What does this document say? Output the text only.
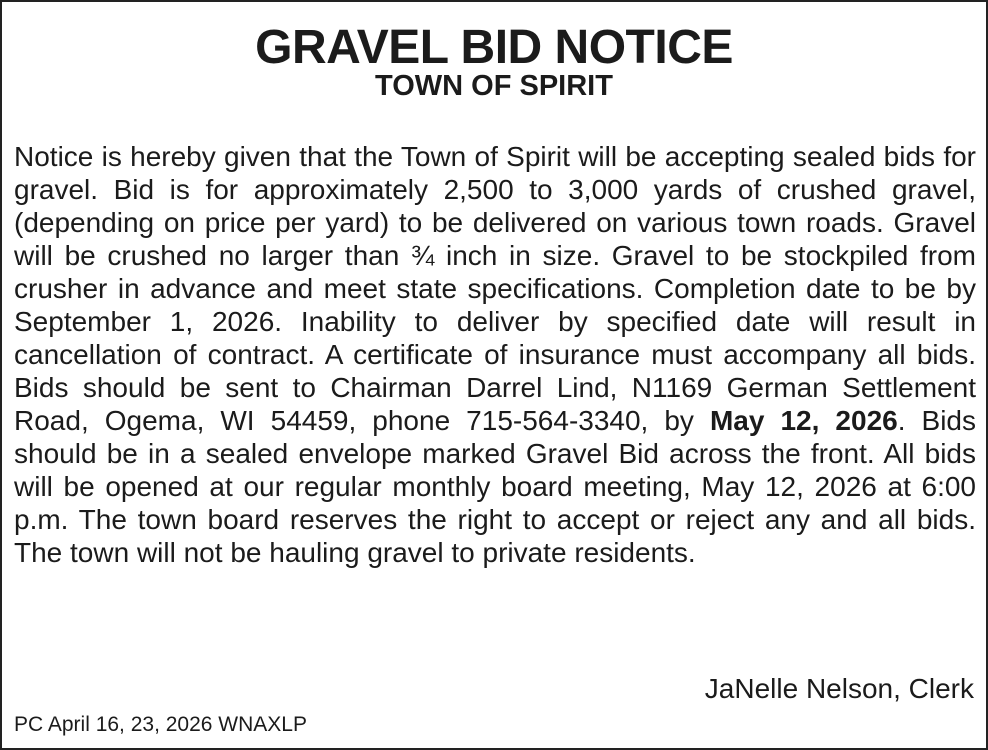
GRAVEL BID NOTICE
TOWN OF SPIRIT

Notice is hereby given that the Town of Spirit will be accepting sealed bids for gravel. Bid is for approximately 2,500 to 3,000 yards of crushed gravel, (depending on price per yard) to be delivered on various town roads. Gravel will be crushed no larger than ¾ inch in size. Gravel to be stockpiled from crusher in advance and meet state specifications. Completion date to be by September 1, 2026. Inability to deliver by specified date will result in cancellation of contract. A certificate of insurance must accompany all bids. Bids should be sent to Chairman Darrel Lind, N1169 German Settlement Road, Ogema, WI 54459, phone 715-564-3340, by May 12, 2026. Bids should be in a sealed envelope marked Gravel Bid across the front. All bids will be opened at our regular monthly board meeting, May 12, 2026 at 6:00 p.m. The town board reserves the right to accept or reject any and all bids. The town will not be hauling gravel to private residents.

JaNelle Nelson, Clerk

PC April 16, 23, 2026 WNAXLP
